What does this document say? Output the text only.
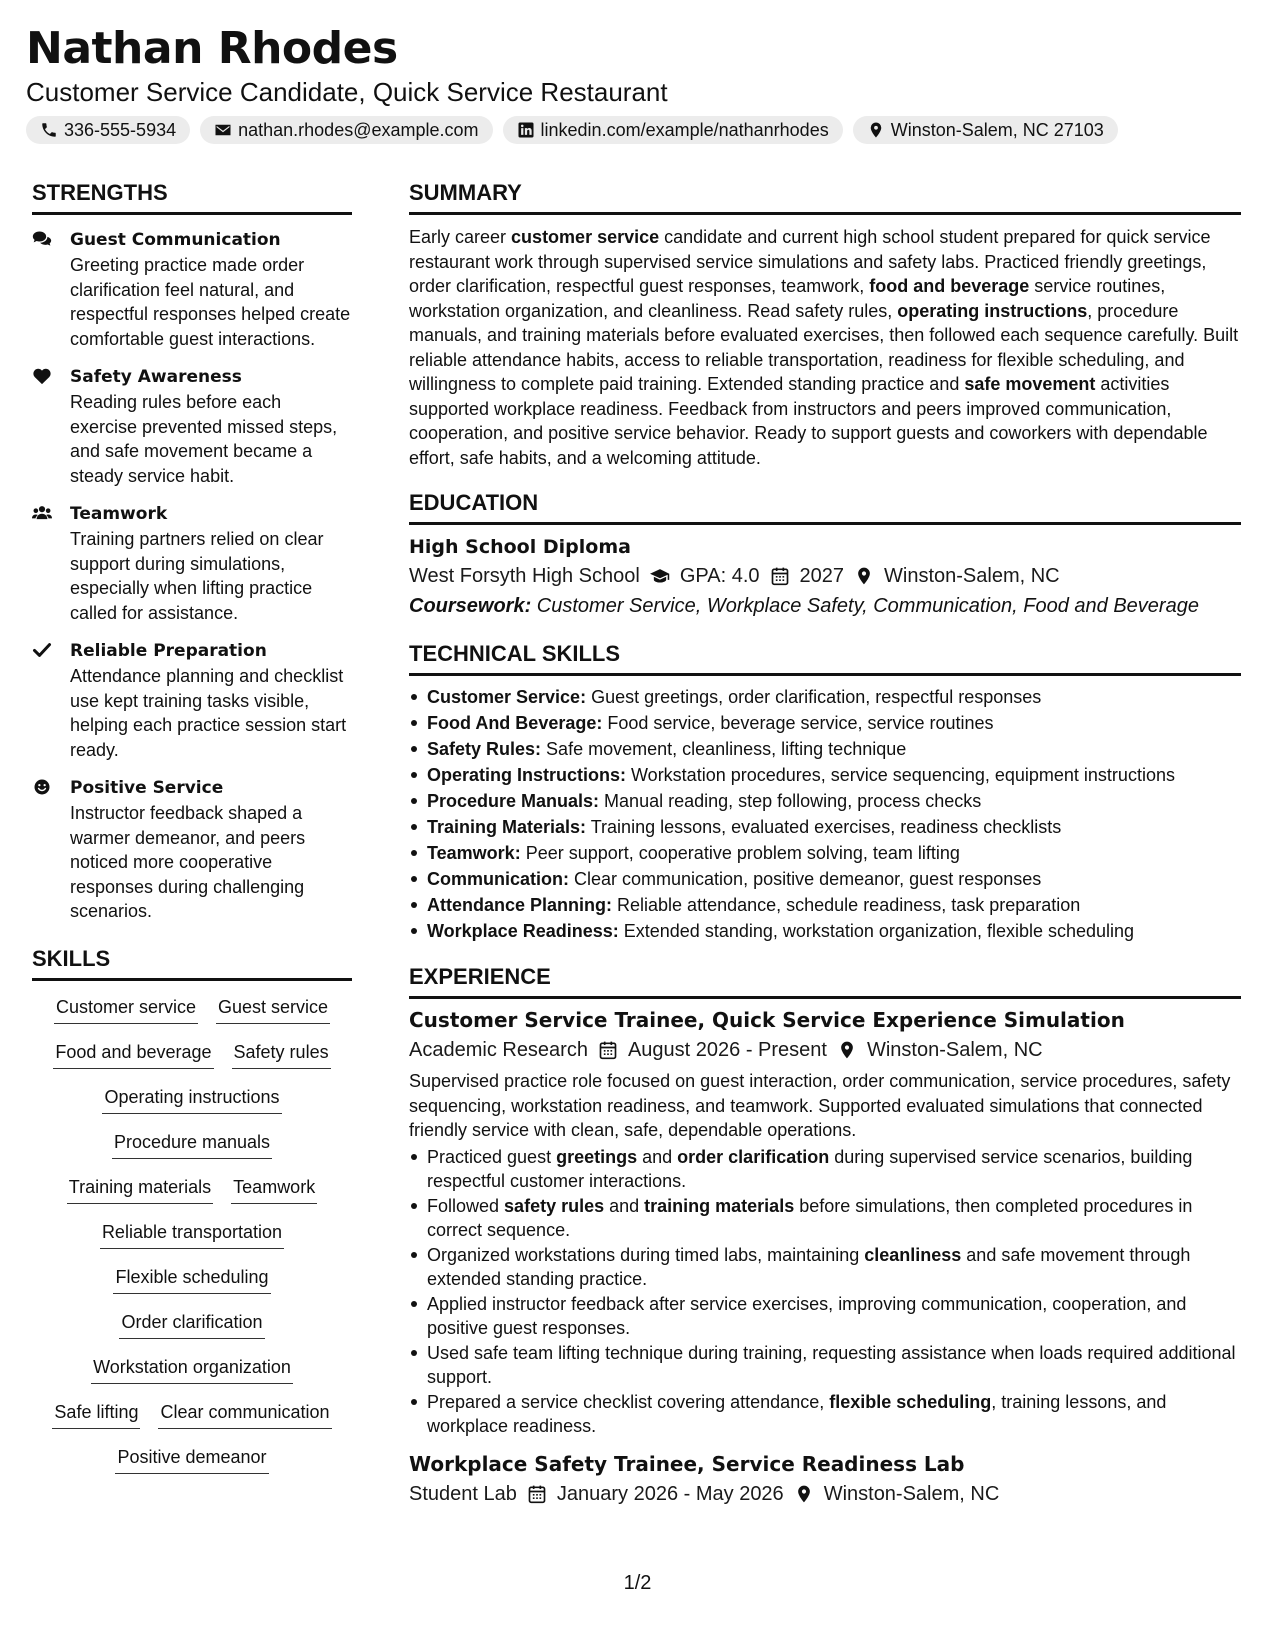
Nathan Rhodes
Customer Service Candidate, Quick Service Restaurant
336-555-5934	nathan.rhodes@example.com	linkedin.com/example/nathanrhodes	Winston-Salem, NC 27103
STRENGTHS
Guest Communication
Greeting practice made order clarification feel natural, and respectful responses helped create comfortable guest interactions.
Safety Awareness
Reading rules before each exercise prevented missed steps, and safe movement became a steady service habit.
Teamwork
Training partners relied on clear support during simulations, especially when lifting practice called for assistance.
Reliable Preparation
Attendance planning and checklist use kept training tasks visible, helping each practice session start ready.
Positive Service
Instructor feedback shaped a warmer demeanor, and peers noticed more cooperative responses during challenging scenarios.
SKILLS
Customer service Guest service
Food and beverage Safety rules
Operating instructions
Procedure manuals
Training materials Teamwork
Reliable transportation
Flexible scheduling
Order clarification
Workstation organization
Safe lifting Clear communication
Positive demeanor
SUMMARY
Early career customer service candidate and current high school student prepared for quick service restaurant work through supervised service simulations and safety labs. Practiced friendly greetings, order clarification, respectful guest responses, teamwork, food and beverage service routines, workstation organization, and cleanliness. Read safety rules, operating instructions, procedure manuals, and training materials before evaluated exercises, then followed each sequence carefully. Built reliable attendance habits, access to reliable transportation, readiness for flexible scheduling, and willingness to complete paid training. Extended standing practice and safe movement activities supported workplace readiness. Feedback from instructors and peers improved communication, cooperation, and positive service behavior. Ready to support guests and coworkers with dependable effort, safe habits, and a welcoming attitude.
EDUCATION
High School Diploma
West Forsyth High School GPA: 4.0 2027 Winston-Salem, NC
Coursework: Customer Service, Workplace Safety, Communication, Food and Beverage
TECHNICAL SKILLS
Customer Service: Guest greetings, order clarification, respectful responses
Food And Beverage: Food service, beverage service, service routines
Safety Rules: Safe movement, cleanliness, lifting technique
Operating Instructions: Workstation procedures, service sequencing, equipment instructions
Procedure Manuals: Manual reading, step following, process checks
Training Materials: Training lessons, evaluated exercises, readiness checklists
Teamwork: Peer support, cooperative problem solving, team lifting
Communication: Clear communication, positive demeanor, guest responses
Attendance Planning: Reliable attendance, schedule readiness, task preparation
Workplace Readiness: Extended standing, workstation organization, flexible scheduling
EXPERIENCE
Customer Service Trainee, Quick Service Experience Simulation
Academic Research August 2026 - Present Winston-Salem, NC
Supervised practice role focused on guest interaction, order communication, service procedures, safety sequencing, workstation readiness, and teamwork. Supported evaluated simulations that connected friendly service with clean, safe, dependable operations.
Practiced guest greetings and order clarification during supervised service scenarios, building respectful customer interactions.
Followed safety rules and training materials before simulations, then completed procedures in correct sequence.
Organized workstations during timed labs, maintaining cleanliness and safe movement through extended standing practice.
Applied instructor feedback after service exercises, improving communication, cooperation, and positive guest responses.
Used safe team lifting technique during training, requesting assistance when loads required additional support.
Prepared a service checklist covering attendance, flexible scheduling, training lessons, and workplace readiness.
Workplace Safety Trainee, Service Readiness Lab
Student Lab January 2026 - May 2026 Winston-Salem, NC
1/2
